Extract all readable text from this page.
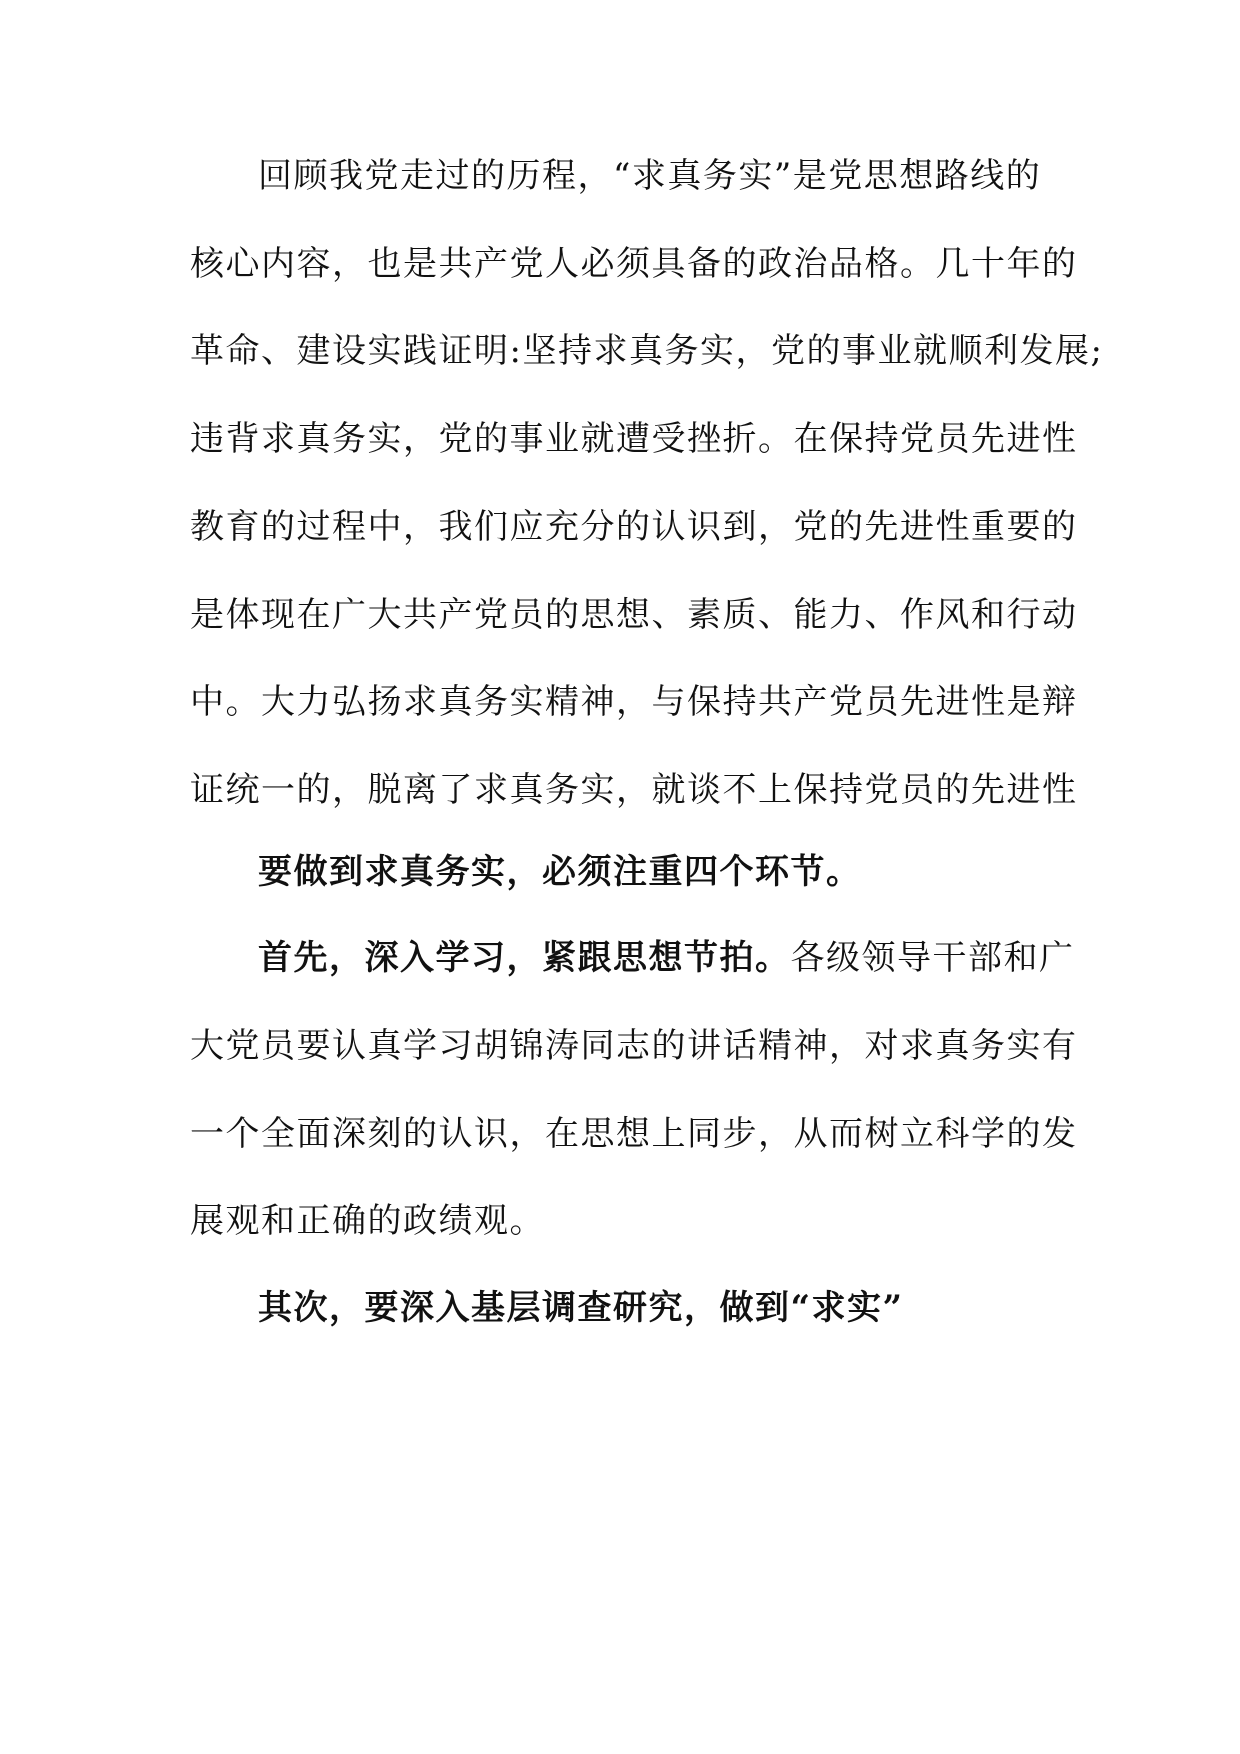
回顾我党走过的历程，“求真务实”是党思想路线的
核心内容，也是共产党人必须具备的政治品格。几十年的
革命、建设实践证明:坚持求真务实，党的事业就顺利发展;
违背求真务实，党的事业就遭受挫折。在保持党员先进性
教育的过程中，我们应充分的认识到，党的先进性重要的
是体现在广大共产党员的思想、素质、能力、作风和行动
中。大力弘扬求真务实精神，与保持共产党员先进性是辩
证统一的，脱离了求真务实，就谈不上保持党员的先进性
要做到求真务实，必须注重四个环节。
首先，深入学习，紧跟思想节拍。各级领导干部和广
大党员要认真学习胡锦涛同志的讲话精神，对求真务实有
一个全面深刻的认识，在思想上同步，从而树立科学的发
展观和正确的政绩观。
其次，要深入基层调查研究，做到“求实”
